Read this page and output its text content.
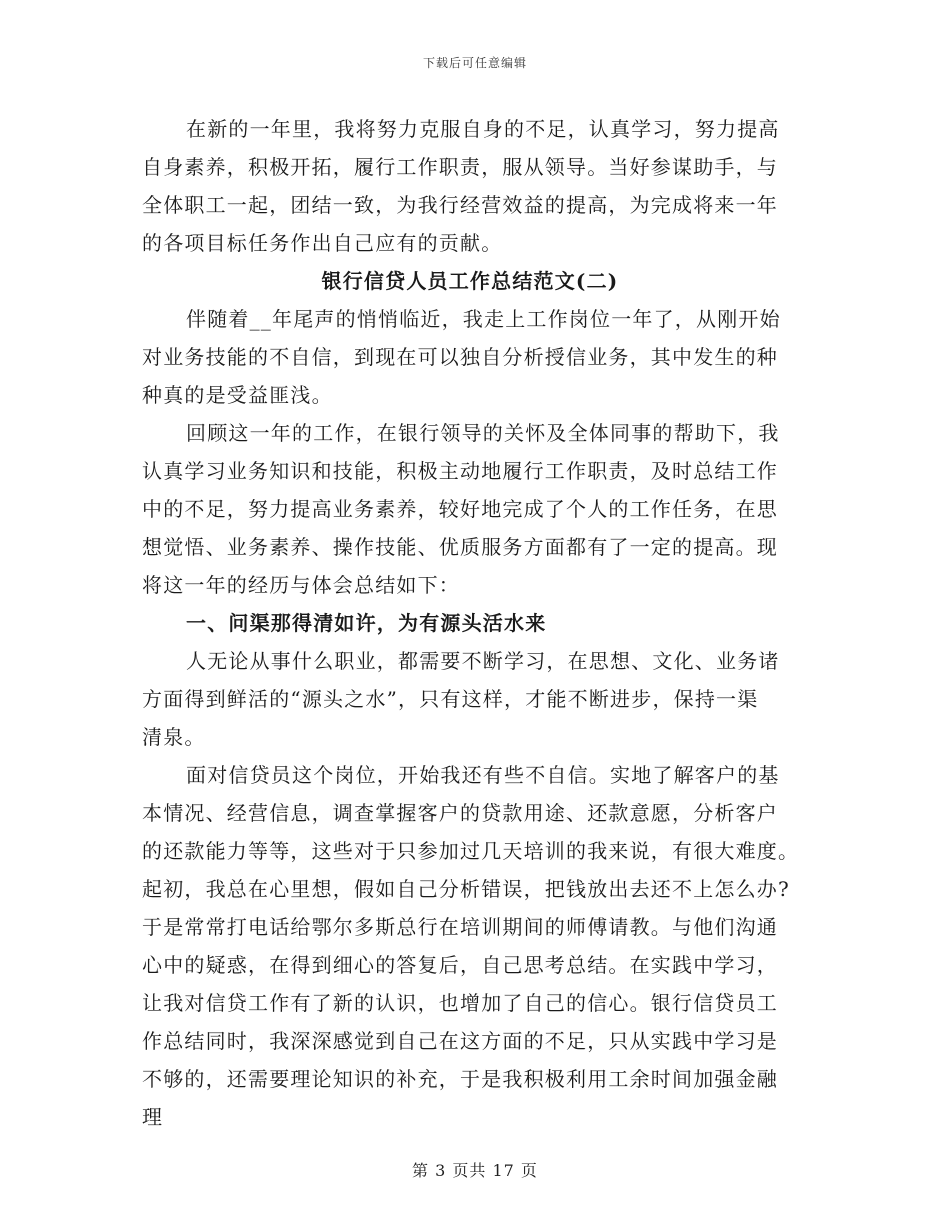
下载后可任意编辑
在新的一年里，我将努力克服自身的不足，认真学习，努力提高
自身素养，积极开拓，履行工作职责，服从领导。当好参谋助手，与
全体职工一起，团结一致，为我行经营效益的提高，为完成将来一年
的各项目标任务作出自己应有的贡献。
银行信贷人员工作总结范文(二)
伴随着__年尾声的悄悄临近，我走上工作岗位一年了，从刚开始
对业务技能的不自信，到现在可以独自分析授信业务，其中发生的种
种真的是受益匪浅。
回顾这一年的工作，在银行领导的关怀及全体同事的帮助下，我
认真学习业务知识和技能，积极主动地履行工作职责，及时总结工作
中的不足，努力提高业务素养，较好地完成了个人的工作任务，在思
想觉悟、业务素养、操作技能、优质服务方面都有了一定的提高。现
将这一年的经历与体会总结如下：
一、问渠那得清如许，为有源头活水来
人无论从事什么职业，都需要不断学习，在思想、文化、业务诸
方面得到鲜活的“源头之水”，只有这样，才能不断进步，保持一渠
清泉。
面对信贷员这个岗位，开始我还有些不自信。实地了解客户的基
本情况、经营信息，调查掌握客户的贷款用途、还款意愿，分析客户
的还款能力等等，这些对于只参加过几天培训的我来说，有很大难度。
起初，我总在心里想，假如自己分析错误，把钱放出去还不上怎么办?
于是常常打电话给鄂尔多斯总行在培训期间的师傅请教。与他们沟通
心中的疑惑，在得到细心的答复后，自己思考总结。在实践中学习，
让我对信贷工作有了新的认识，也增加了自己的信心。银行信贷员工
作总结同时，我深深感觉到自己在这方面的不足，只从实践中学习是
不够的，还需要理论知识的补充，于是我积极利用工余时间加强金融
理
第 3 页共 17 页
